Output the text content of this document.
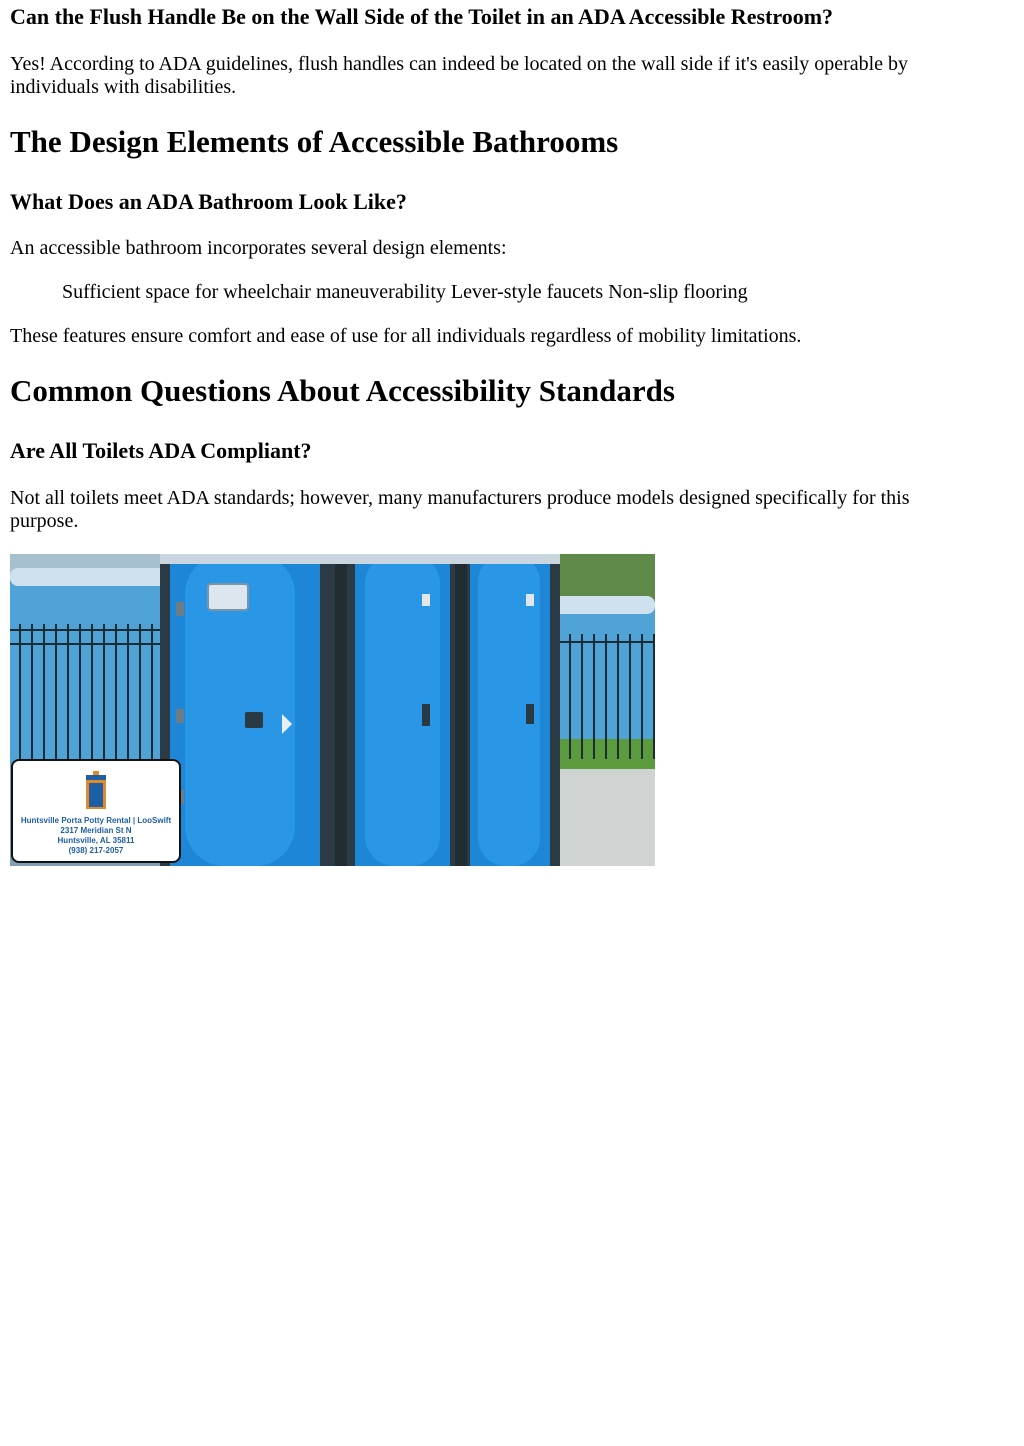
Can the Flush Handle Be on the Wall Side of the Toilet in an ADA Accessible Restroom?

Yes! According to ADA guidelines, flush handles can indeed be located on the wall side if it's easily operable by individuals with disabilities.

The Design Elements of Accessible Bathrooms
What Does an ADA Bathroom Look Like?

An accessible bathroom incorporates several design elements:

Sufficient space for wheelchair maneuverability Lever-style faucets Non-slip flooring

These features ensure comfort and ease of use for all individuals regardless of mobility limitations.

Common Questions About Accessibility Standards
Are All Toilets ADA Compliant?

Not all toilets meet ADA standards; however, many manufacturers produce models designed specifically for this purpose.

Huntsville Porta Potty Rental | LooSwift
2317 Meridian St N
Huntsville, AL 35811
(938) 217-2057
